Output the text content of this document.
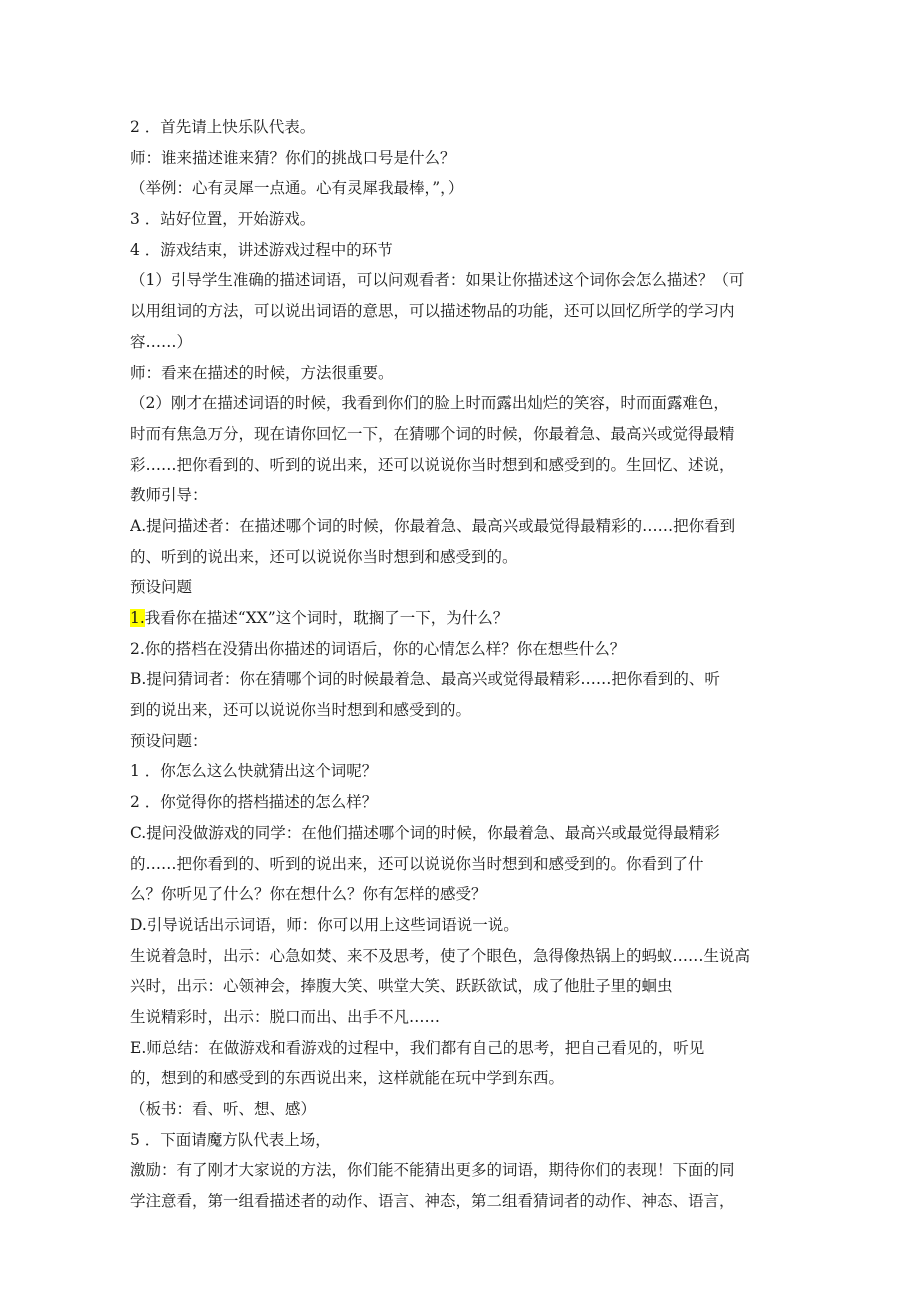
2 ．首先请上快乐队代表。
师：谁来描述谁来猜？你们的挑战口号是什么？
（举例：心有灵犀一点通。心有灵犀我最棒，”，）
3 ．站好位置，开始游戏。
4 ．游戏结束，讲述游戏过程中的环节
（1）引导学生准确的描述词语，可以问观看者：如果让你描述这个词你会怎么描述？（可
以用组词的方法，可以说出词语的意思，可以描述物品的功能，还可以回忆所学的学习内
容……）
师：看来在描述的时候，方法很重要。
（2）刚才在描述词语的时候，我看到你们的脸上时而露出灿烂的笑容，时而面露难色，
时而有焦急万分，现在请你回忆一下，在猜哪个词的时候，你最着急、最高兴或觉得最精
彩……把你看到的、听到的说出来，还可以说说你当时想到和感受到的。生回忆、述说，
教师引导：
A.提问描述者：在描述哪个词的时候，你最着急、最高兴或最觉得最精彩的……把你看到
的、听到的说出来，还可以说说你当时想到和感受到的。
预设问题
1.我看你在描述“XX”这个词时，耽搁了一下，为什么？
2.你的搭档在没猜出你描述的词语后，你的心情怎么样？你在想些什么？
B.提问猜词者：你在猜哪个词的时候最着急、最高兴或觉得最精彩……把你看到的、听
到的说出来，还可以说说你当时想到和感受到的。
预设问题：
1 ．你怎么这么快就猜出这个词呢？
2 ．你觉得你的搭档描述的怎么样？
C.提问没做游戏的同学：在他们描述哪个词的时候，你最着急、最高兴或最觉得最精彩
的……把你看到的、听到的说出来，还可以说说你当时想到和感受到的。你看到了什
么？你听见了什么？你在想什么？你有怎样的感受？
D.引导说话出示词语，师：你可以用上这些词语说一说。
生说着急时，出示：心急如焚、来不及思考，使了个眼色，急得像热锅上的蚂蚁……生说高
兴时，出示：心领神会，捧腹大笑、哄堂大笑、跃跃欲试，成了他肚子里的蛔虫
生说精彩时，出示：脱口而出、出手不凡……
E.师总结：在做游戏和看游戏的过程中，我们都有自己的思考，把自己看见的，听见
的，想到的和感受到的东西说出来，这样就能在玩中学到东西。
（板书：看、听、想、感）
5 ．下面请魔方队代表上场，
激励：有了刚才大家说的方法，你们能不能猜出更多的词语，期待你们的表现！下面的同
学注意看，第一组看描述者的动作、语言、神态，第二组看猜词者的动作、神态、语言，
